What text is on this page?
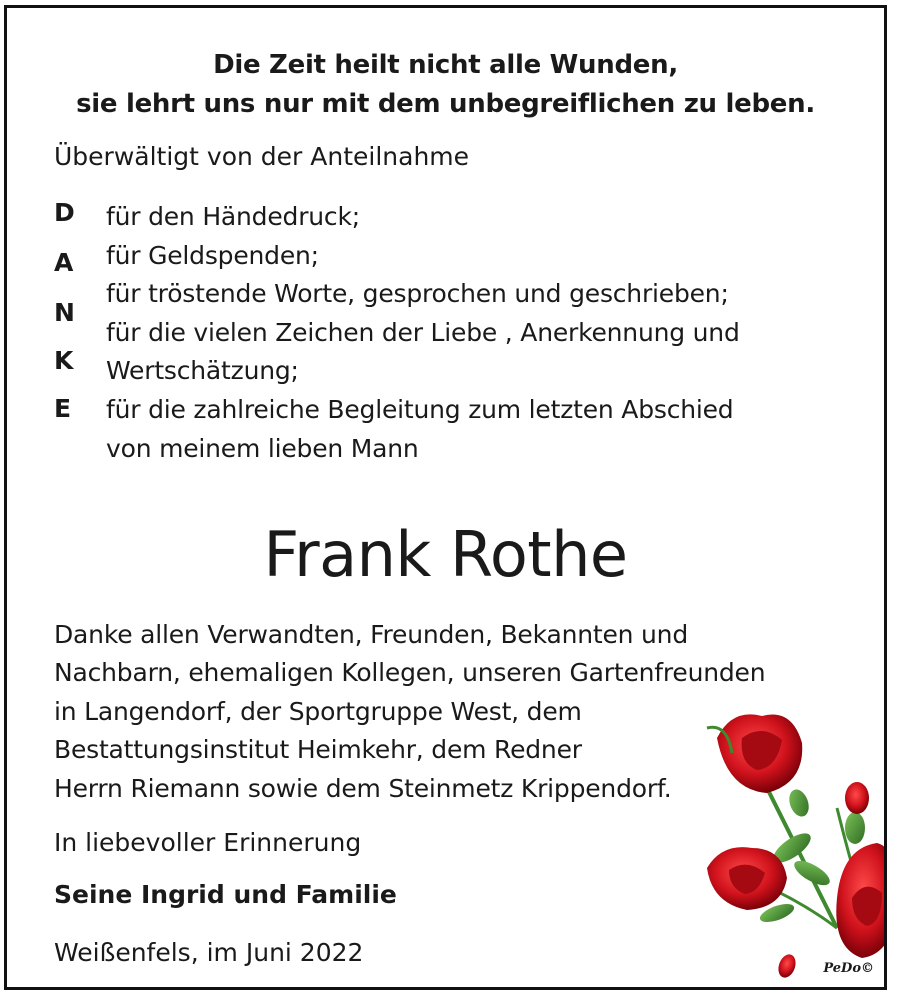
Die Zeit heilt nicht alle Wunden,
sie lehrt uns nur mit dem unbegreiflichen zu leben.
Überwältigt von der Anteilnahme
D
A
N
K
E
für den Händedruck;
für Geldspenden;
für tröstende Worte, gesprochen und geschrieben;
für die vielen Zeichen der Liebe , Anerkennung und
Wertschätzung;
für die zahlreiche Begleitung zum letzten Abschied
von meinem lieben Mann
Frank Rothe
Danke allen Verwandten, Freunden, Bekannten und
Nachbarn, ehemaligen Kollegen, unseren Gartenfreunden
in Langendorf, der Sportgruppe West, dem
Bestattungsinstitut Heimkehr, dem Redner
Herrn Riemann sowie dem Steinmetz Krippendorf.
In liebevoller Erinnerung
Seine Ingrid und Familie
Weißenfels, im Juni 2022
PeDo©
